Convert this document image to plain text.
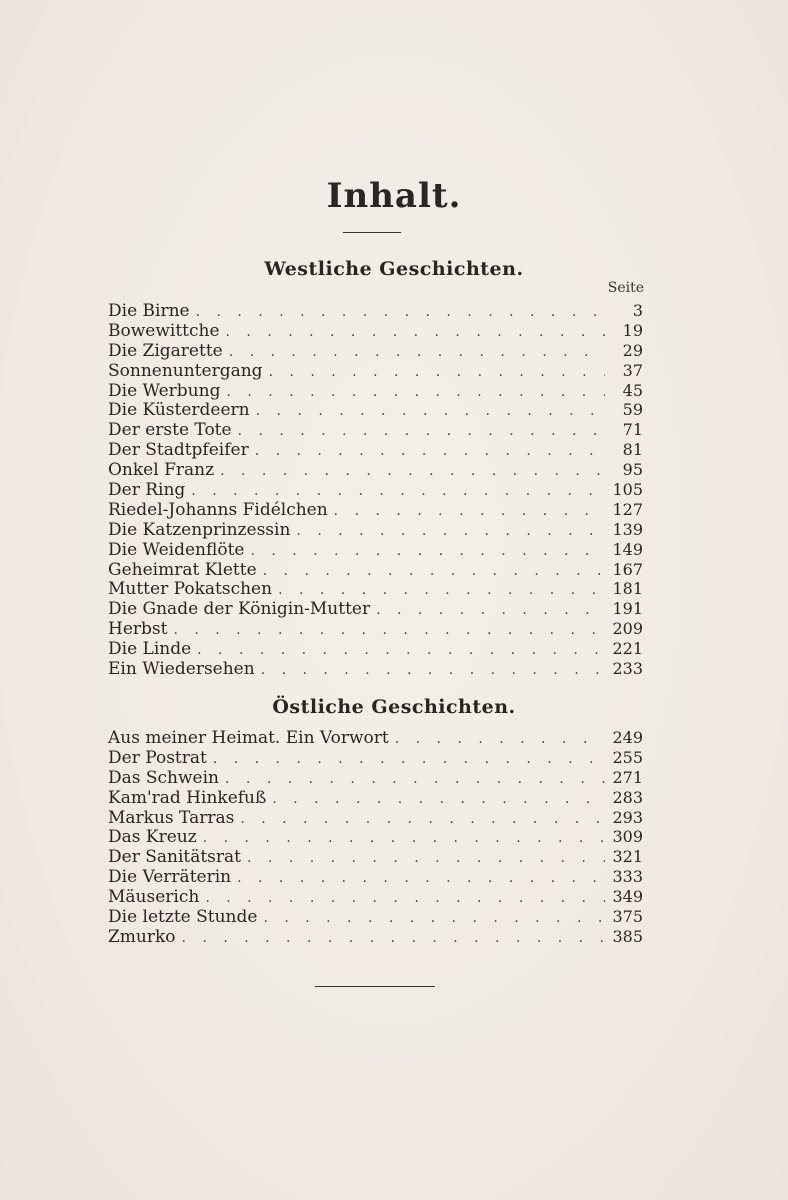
Inhalt.
Westliche Geschichten.
Seite
Die Birne . . .	3
Bowewittche . . .	19
Die Zigarette . . .	29
Sonnenuntergang . . .	37
Die Werbung . . .	45
Die Küsterdeern . . .	59
Der erste Tote . . .	71
Der Stadtpfeifer . . .	81
Onkel Franz . . .	95
Der Ring . . .	105
Riedel-Johanns Fidélchen . . .	127
Die Katzenprinzessin . . .	139
Die Weidenflöte . . .	149
Geheimrat Klette . . .	167
Mutter Pokatschen . . .	181
Die Gnade der Königin-Mutter . . .	191
Herbst . . .	209
Die Linde . . .	221
Ein Wiedersehen . . .	233
Östliche Geschichten.
Aus meiner Heimat. Ein Vorwort . . .	249
Der Postrat . . .	255
Das Schwein . . .	271
Kam'rad Hinkefuß . . .	283
Markus Tarras . . .	293
Das Kreuz . . .	309
Der Sanitätsrat . . .	321
Die Verräterin . . .	333
Mäuserich . . .	349
Die letzte Stunde . . .	375
Zmurko . . .	385
